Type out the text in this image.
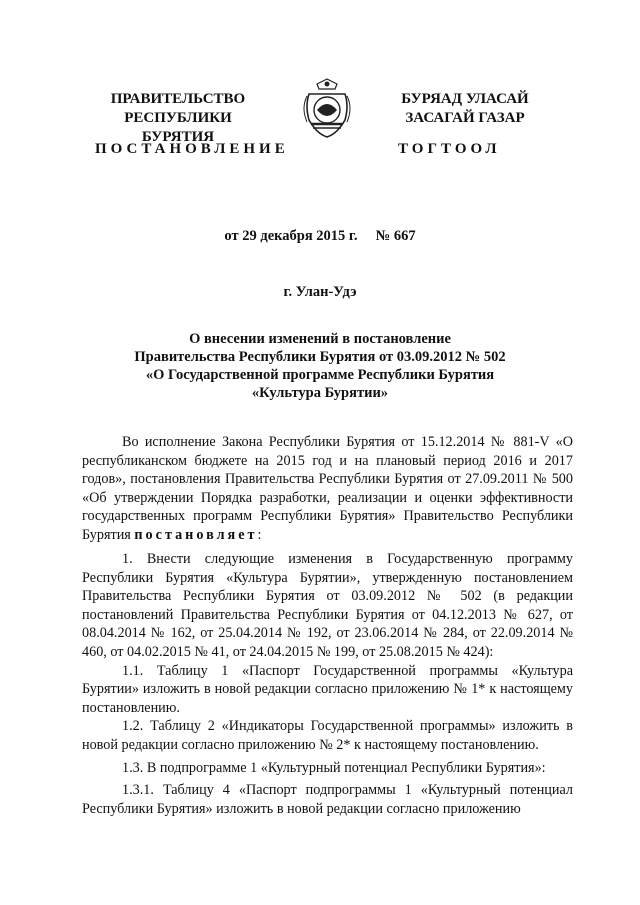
ПРАВИТЕЛЬСТВО
РЕСПУБЛИКИ БУРЯТИЯ
БУРЯАД УЛАСАЙ
ЗАСАГАЙ ГАЗАР
ПОСТАНОВЛЕНИЕ	ТОГТООЛ
от 29 декабря 2015 г. № 667
г. Улан-Удэ
О внесении изменений в постановление
Правительства Республики Бурятия от 03.09.2012 № 502
«О Государственной программе Республики Бурятия
«Культура Бурятии»

Во исполнение Закона Республики Бурятия от 15.12.2014 № 881-V «О республиканском бюджете на 2015 год и на плановый период 2016 и 2017 годов», постановления Правительства Республики Бурятия от 27.09.2011 № 500 «Об утверждении Порядка разработки, реализации и оценки эффективности государственных программ Республики Бурятия» Правительство Республики Бурятия постановляет:

1. Внести следующие изменения в Государственную программу Республики Бурятия «Культура Бурятии», утвержденную постановлением Правительства Республики Бурятия от 03.09.2012 № 502 (в редакции постановлений Правительства Республики Бурятия от 04.12.2013 № 627, от 08.04.2014 № 162, от 25.04.2014 № 192, от 23.06.2014 № 284, от 22.09.2014 № 460, от 04.02.2015 № 41, от 24.04.2015 № 199, от 25.08.2015 № 424):

1.1. Таблицу 1 «Паспорт Государственной программы «Культура Бурятии» изложить в новой редакции согласно приложению № 1* к настоящему постановлению.

1.2. Таблицу 2 «Индикаторы Государственной программы» изложить в новой редакции согласно приложению № 2* к настоящему постановлению.

1.3. В подпрограмме 1 «Культурный потенциал Республики Бурятия»:

1.3.1. Таблицу 4 «Паспорт подпрограммы 1 «Культурный потенциал Республики Бурятия» изложить в новой редакции согласно приложению
